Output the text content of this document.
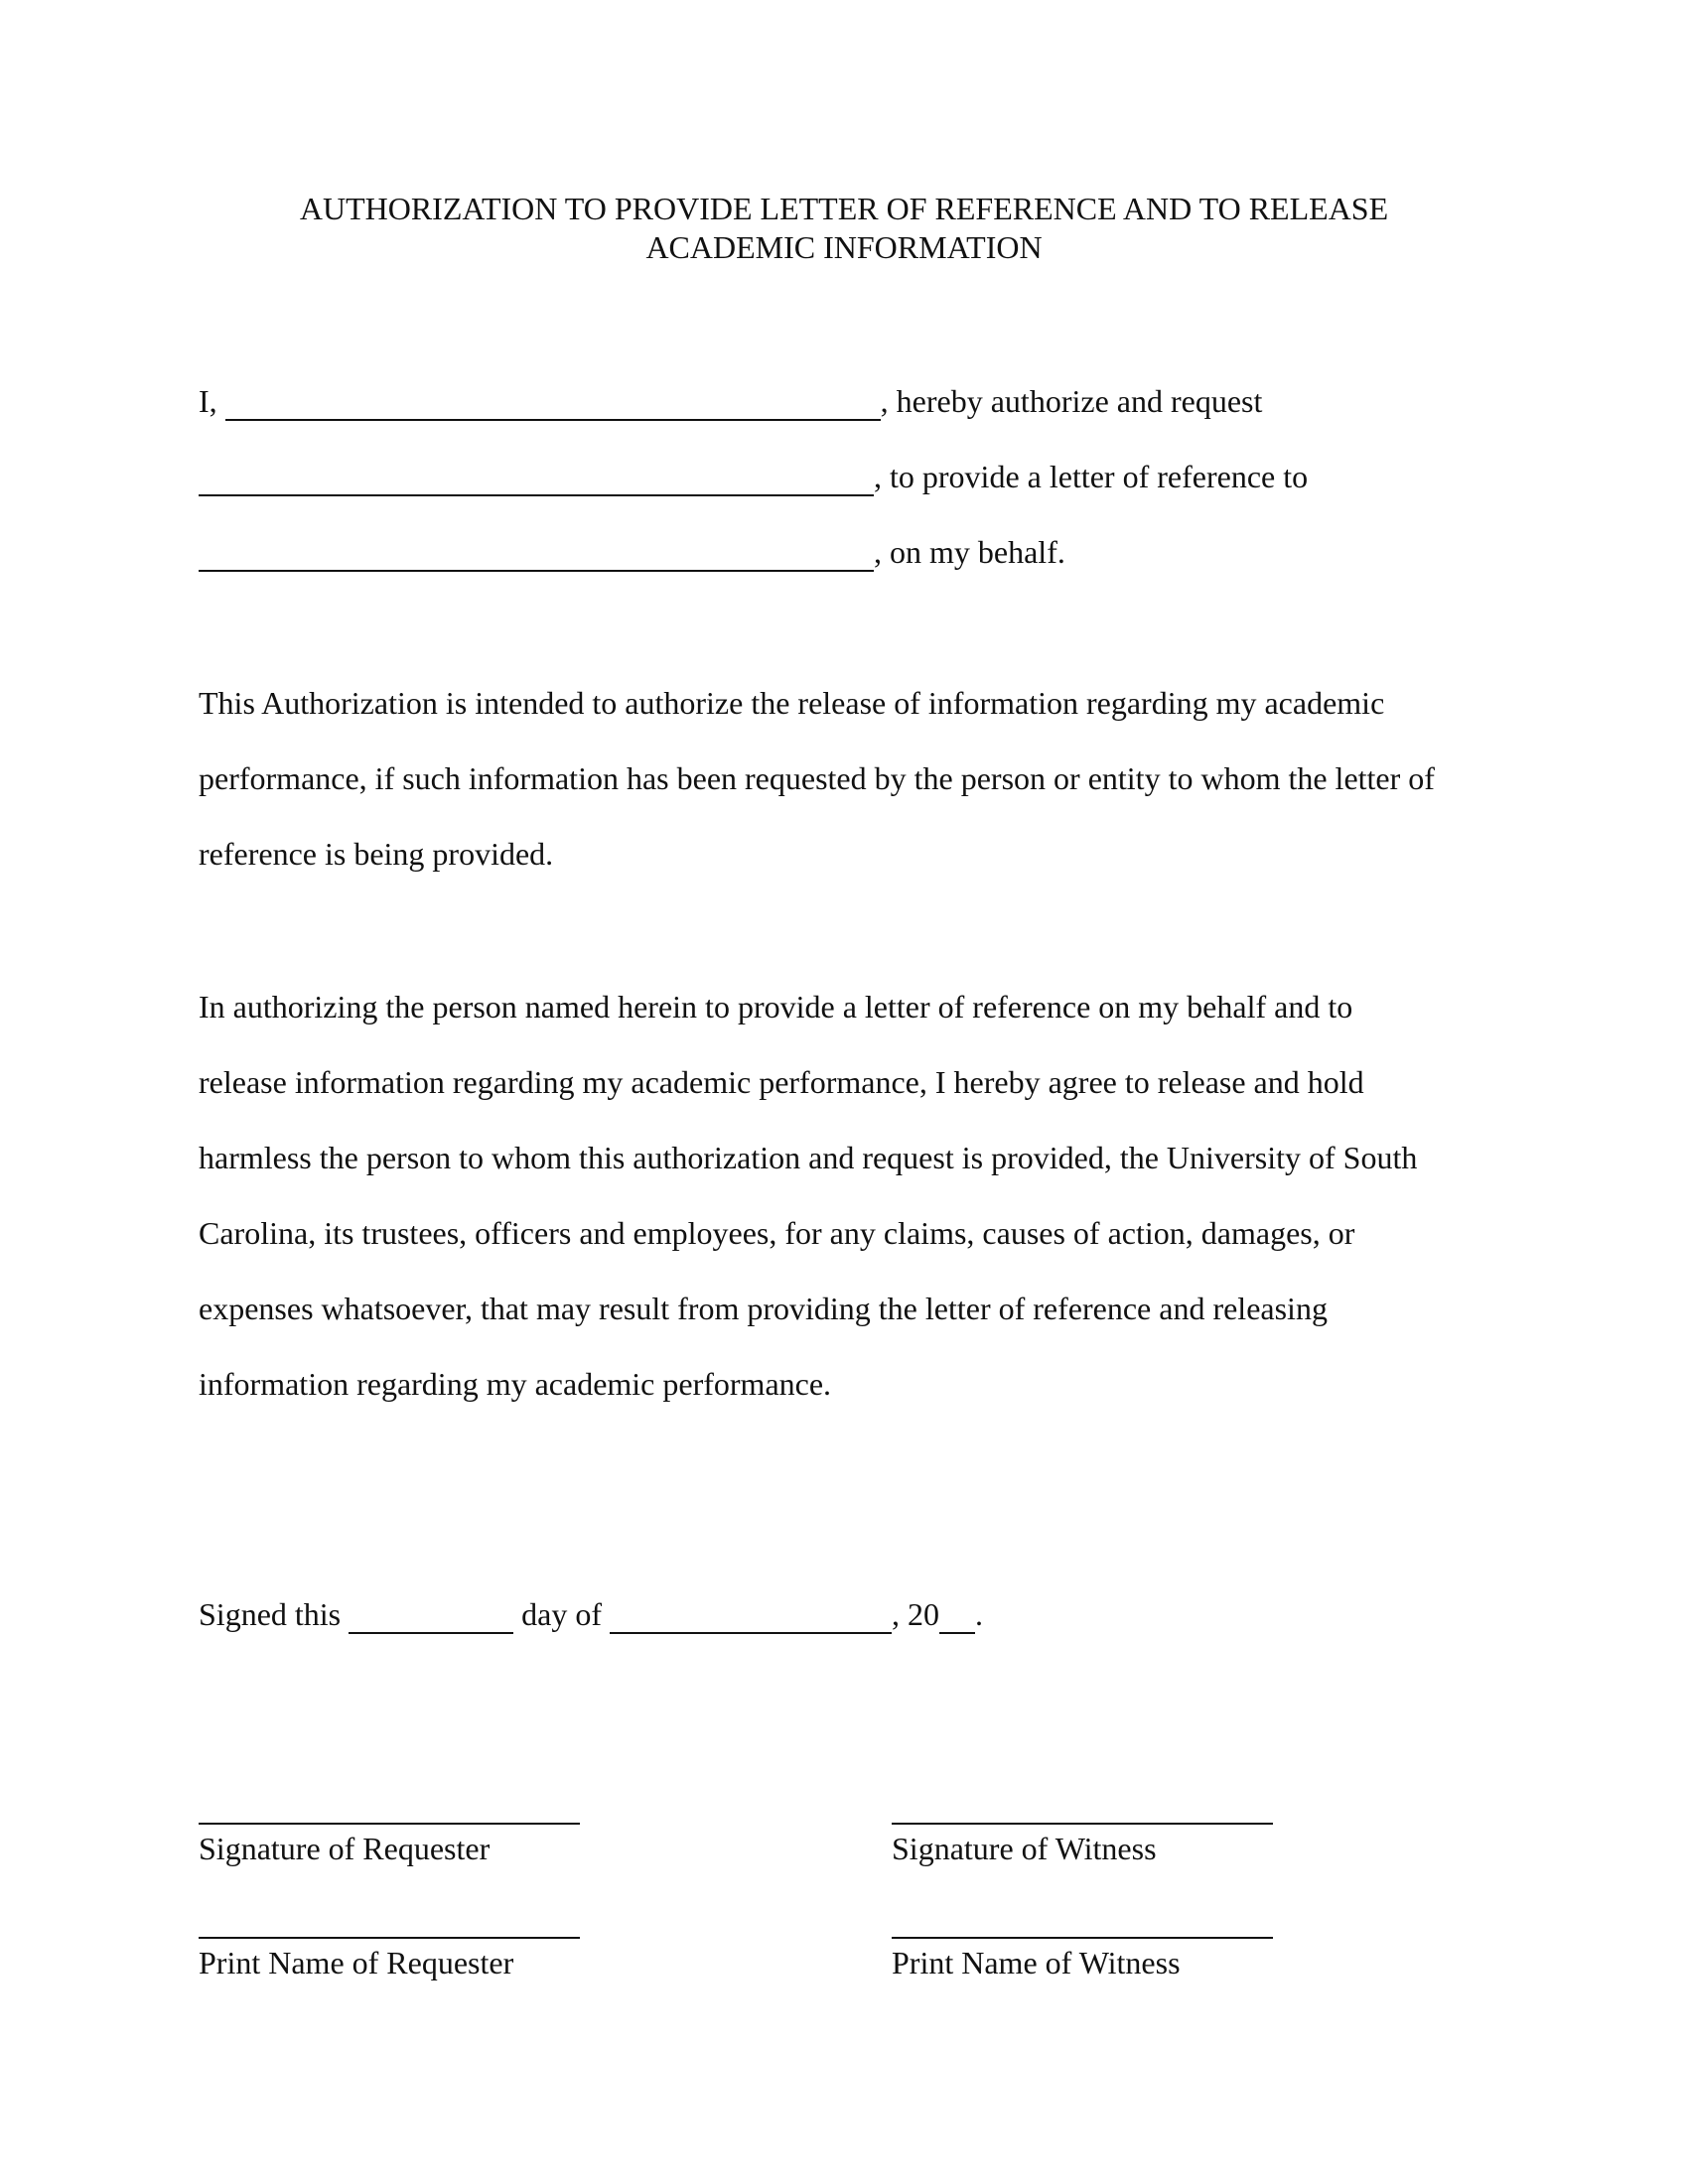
AUTHORIZATION TO PROVIDE LETTER OF REFERENCE AND TO RELEASE
ACADEMIC INFORMATION
I,	, hereby authorize and request
, to provide a letter of reference to
, on my behalf.
This Authorization is intended to authorize the release of information regarding my academic
performance, if such information has been requested by the person or entity to whom the letter of
reference is being provided.
In authorizing the person named herein to provide a letter of reference on my behalf and to
release information regarding my academic performance, I hereby agree to release and hold
harmless the person to whom this authorization and request is provided, the University of South
Carolina, its trustees, officers and employees, for any claims, causes of action, damages, or
expenses whatsoever, that may result from providing the letter of reference and releasing
information regarding my academic performance.
Signed this	day of	, 20 .
Signature of Requester	Signature of Witness
Print Name of Requester	Print Name of Witness
